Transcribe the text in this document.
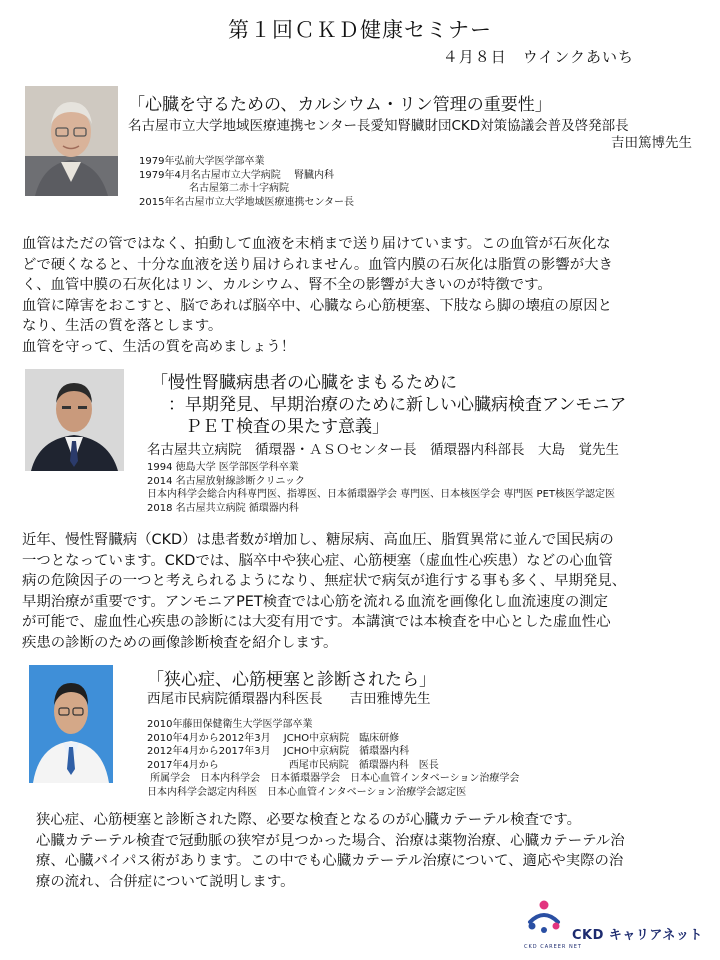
第１回ＣＫＤ健康セミナー
４月８日　ウインクあいち
「心臓を守るための、カルシウム・リン管理の重要性」
名古屋市立大学地域医療連携センター長愛知腎臓財団CKD対策協議会普及啓発部長
吉田篤博先生
1979年弘前大学医学部卒業
1979年4月名古屋市立大学病院　 腎臓内科
　　　　　名古屋第二赤十字病院
2015年名古屋市立大学地域医療連携センター長
血管はただの管ではなく、拍動して血液を末梢まで送り届けています。この血管が石灰化な
どで硬くなると、十分な血液を送り届けられません。血管内膜の石灰化は脂質の影響が大き
く、血管中膜の石灰化はリン、カルシウム、腎不全の影響が大きいのが特徴です。
血管に障害をおこすと、脳であれば脳卒中、心臓なら心筋梗塞、下肢なら脚の壊疽の原因と
なり、生活の質を落とします。
血管を守って、生活の質を高めましょう！
「慢性腎臓病患者の心臓をまもるために
　：早期発見、早期治療のために新しい心臓病検査アンモニア
　　ＰＥＴ検査の果たす意義」
名古屋共立病院　循環器・ＡＳＯセンター長　循環器内科部長　大島　覚先生
1994 徳島大学 医学部医学科卒業
2014 名古屋放射線診断クリニック
日本内科学会総合内科専門医、指導医、日本循環器学会 専門医、日本核医学会 専門医 PET核医学認定医
2018 名古屋共立病院 循環器内科
近年、慢性腎臓病（CKD）は患者数が増加し、糖尿病、高血圧、脂質異常に並んで国民病の
一つとなっています。CKDでは、脳卒中や狭心症、心筋梗塞（虚血性心疾患）などの心血管
病の危険因子の一つと考えられるようになり、無症状で病気が進行する事も多く、早期発見、
早期治療が重要です。アンモニアPET検査では心筋を流れる血流を画像化し血流速度の測定
が可能で、虚血性心疾患の診断には大変有用です。本講演では本検査を中心とした虚血性心
疾患の診断のための画像診断検査を紹介します。
「狭心症、心筋梗塞と診断されたら」
西尾市民病院循環器内科医長　　吉田雅博先生
2010年藤田保健衛生大学医学部卒業
2010年4月から2012年3月　 JCHO中京病院　臨床研修
2012年4月から2017年3月　 JCHO中京病院　循環器内科
2017年4月から　　　　　　　西尾市民病院　循環器内科　医長
所属学会　日本内科学会　日本循環器学会　日本心血管インタベーション治療学会
日本内科学会認定内科医　日本心血管インタベーション治療学会認定医
狭心症、心筋梗塞と診断された際、必要な検査となるのが心臓カテーテル検査です。
心臓カテーテル検査で冠動脈の狭窄が見つかった場合、治療は薬物治療、心臓カテーテル治
療、心臓バイパス術があります。この中でも心臓カテーテル治療について、適応や実際の治
療の流れ、合併症について説明します。
CKD CAREER NET
CKD キャリアネット
